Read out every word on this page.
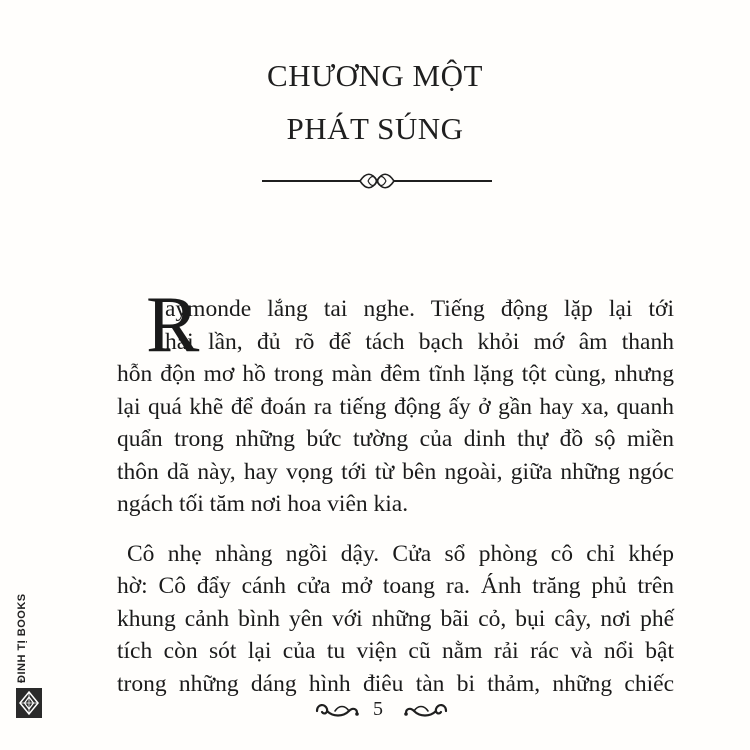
CHƯƠNG MỘT
PHÁT SÚNG
R
aymonde lắng tai nghe. Tiếng động lặp lại tới
hai lần, đủ rõ để tách bạch khỏi mớ âm thanh
hỗn độn mơ hồ trong màn đêm tĩnh lặng tột cùng, nhưng
lại quá khẽ để đoán ra tiếng động ấy ở gần hay xa, quanh
quẩn trong những bức tường của dinh thự đồ sộ miền
thôn dã này, hay vọng tới từ bên ngoài, giữa những ngóc
ngách tối tăm nơi hoa viên kia.
Cô nhẹ nhàng ngồi dậy. Cửa sổ phòng cô chỉ khép
hờ: Cô đẩy cánh cửa mở toang ra. Ánh trăng phủ trên
khung cảnh bình yên với những bãi cỏ, bụi cây, nơi phế
tích còn sót lại của tu viện cũ nằm rải rác và nổi bật
trong những dáng hình điêu tàn bi thảm, những chiếc
5
ĐINH TỊ BOOKS
